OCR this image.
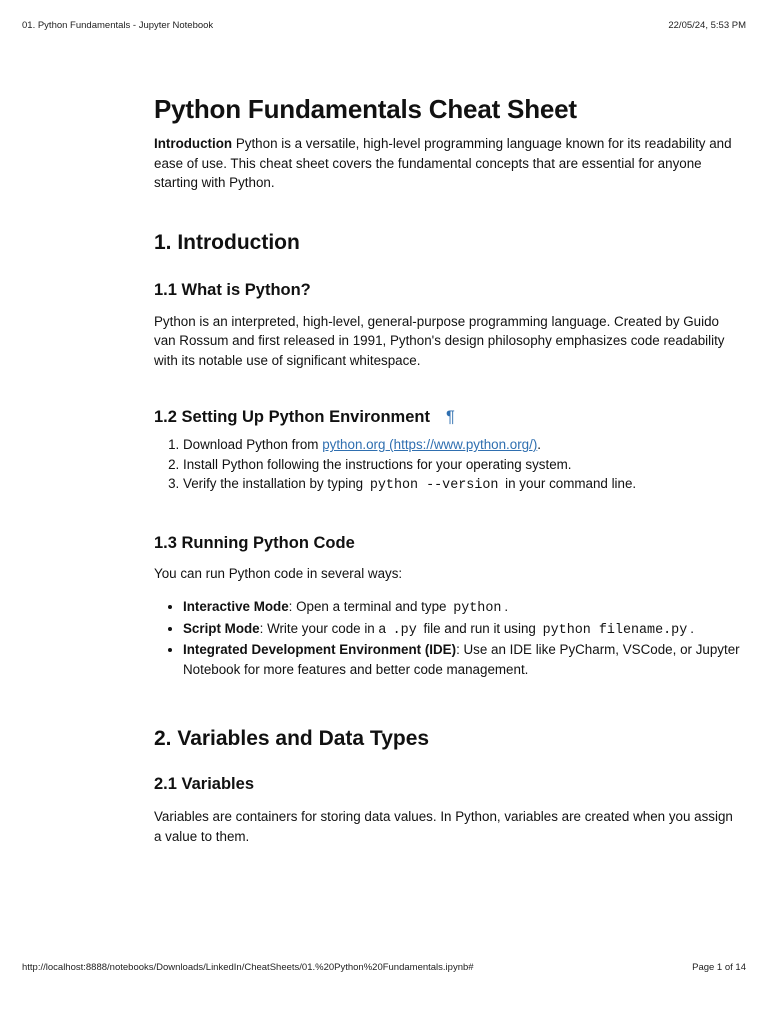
01. Python Fundamentals - Jupyter Notebook	22/05/24, 5:53 PM
Python Fundamentals Cheat Sheet

Introduction Python is a versatile, high-level programming language known for its readability and ease of use. This cheat sheet covers the fundamental concepts that are essential for anyone starting with Python.

1. Introduction
1.1 What is Python?

Python is an interpreted, high-level, general-purpose programming language. Created by Guido van Rossum and first released in 1991, Python's design philosophy emphasizes code readability with its notable use of significant whitespace.

1.2 Setting Up Python Environment ¶
1. Download Python from python.org (https://www.python.org/).
2. Install Python following the instructions for your operating system.
3. Verify the installation by typing python --version in your command line.
1.3 Running Python Code

You can run Python code in several ways:

• Interactive Mode: Open a terminal and type python .
• Script Mode: Write your code in a .py file and run it using python filename.py .
• Integrated Development Environment (IDE): Use an IDE like PyCharm, VSCode, or Jupyter Notebook for more features and better code management.
2. Variables and Data Types
2.1 Variables

Variables are containers for storing data values. In Python, variables are created when you assign a value to them.

http://localhost:8888/notebooks/Downloads/LinkedIn/CheatSheets/01.%20Python%20Fundamentals.ipynb#	Page 1 of 14
